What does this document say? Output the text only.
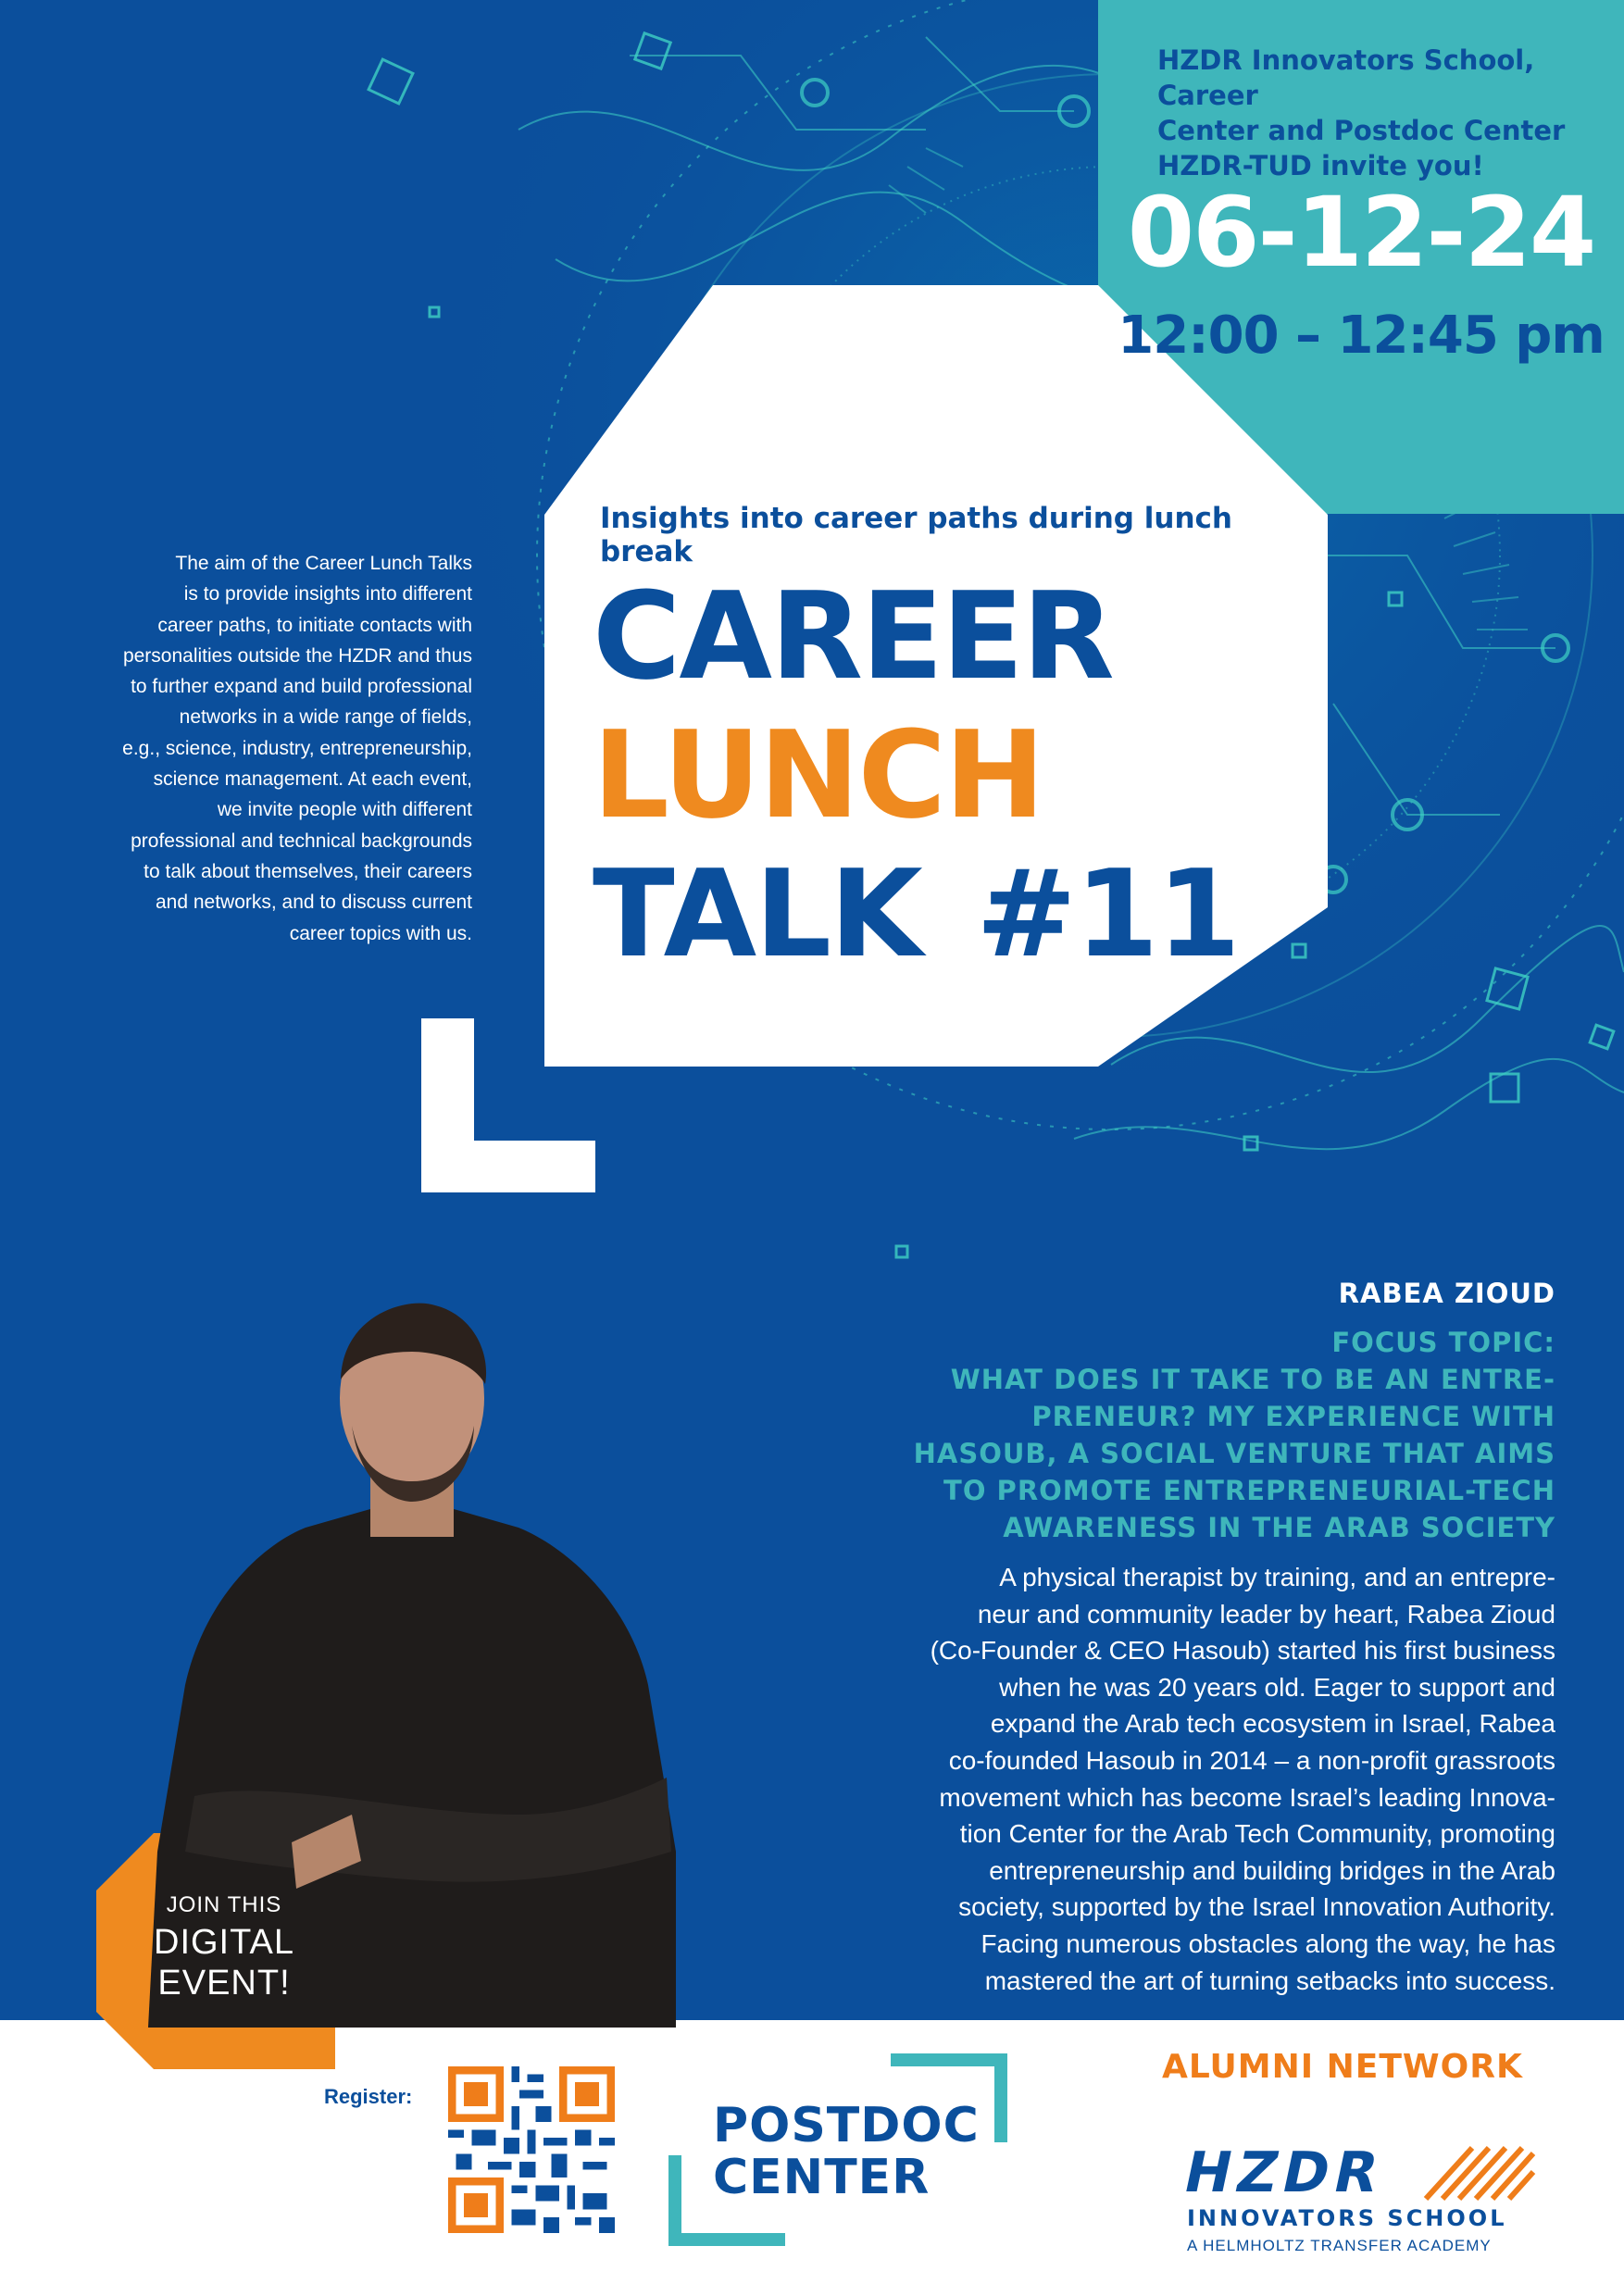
HZDR Innovators School, Career
Center and Postdoc Center
HZDR-TUD invite you!
06-12-24
12:00 – 12:45 pm
Insights into career paths during lunch break
CAREER
LUNCH
TALK #11
The aim of the Career Lunch Talks
is to provide insights into different
career paths, to initiate contacts with
personalities outside the HZDR and thus
to further expand and build professional
networks in a wide range of fields,
e.g., science, industry, entrepreneurship,
science management. At each event,
we invite people with different
professional and technical backgrounds
to talk about themselves, their careers
and networks, and to discuss current
career topics with us.
RABEA ZIOUD
FOCUS TOPIC:
WHAT DOES IT TAKE TO BE AN ENTRE-
PRENEUR? MY EXPERIENCE WITH
HASOUB, A SOCIAL VENTURE THAT AIMS
TO PROMOTE ENTREPRENEURIAL-TECH
AWARENESS IN THE ARAB SOCIETY
A physical therapist by training, and an entrepre-
neur and community leader by heart, Rabea Zioud
(Co-Founder & CEO Hasoub) started his first business
when he was 20 years old. Eager to support and
expand the Arab tech ecosystem in Israel, Rabea
co-founded Hasoub in 2014 – a non-profit grassroots
movement which has become Israel’s leading Innova-
tion Center for the Arab Tech Community, promoting
entrepreneurship and building bridges in the Arab
society, supported by the Israel Innovation Authority.
Facing numerous obstacles along the way, he has
mastered the art of turning setbacks into success.
JOIN THIS
DIGITAL
EVENT!
Register:
POSTDOC
CENTER
ALUMNI NETWORK
HZDR
INNOVATORS SCHOOL
A HELMHOLTZ TRANSFER ACADEMY
